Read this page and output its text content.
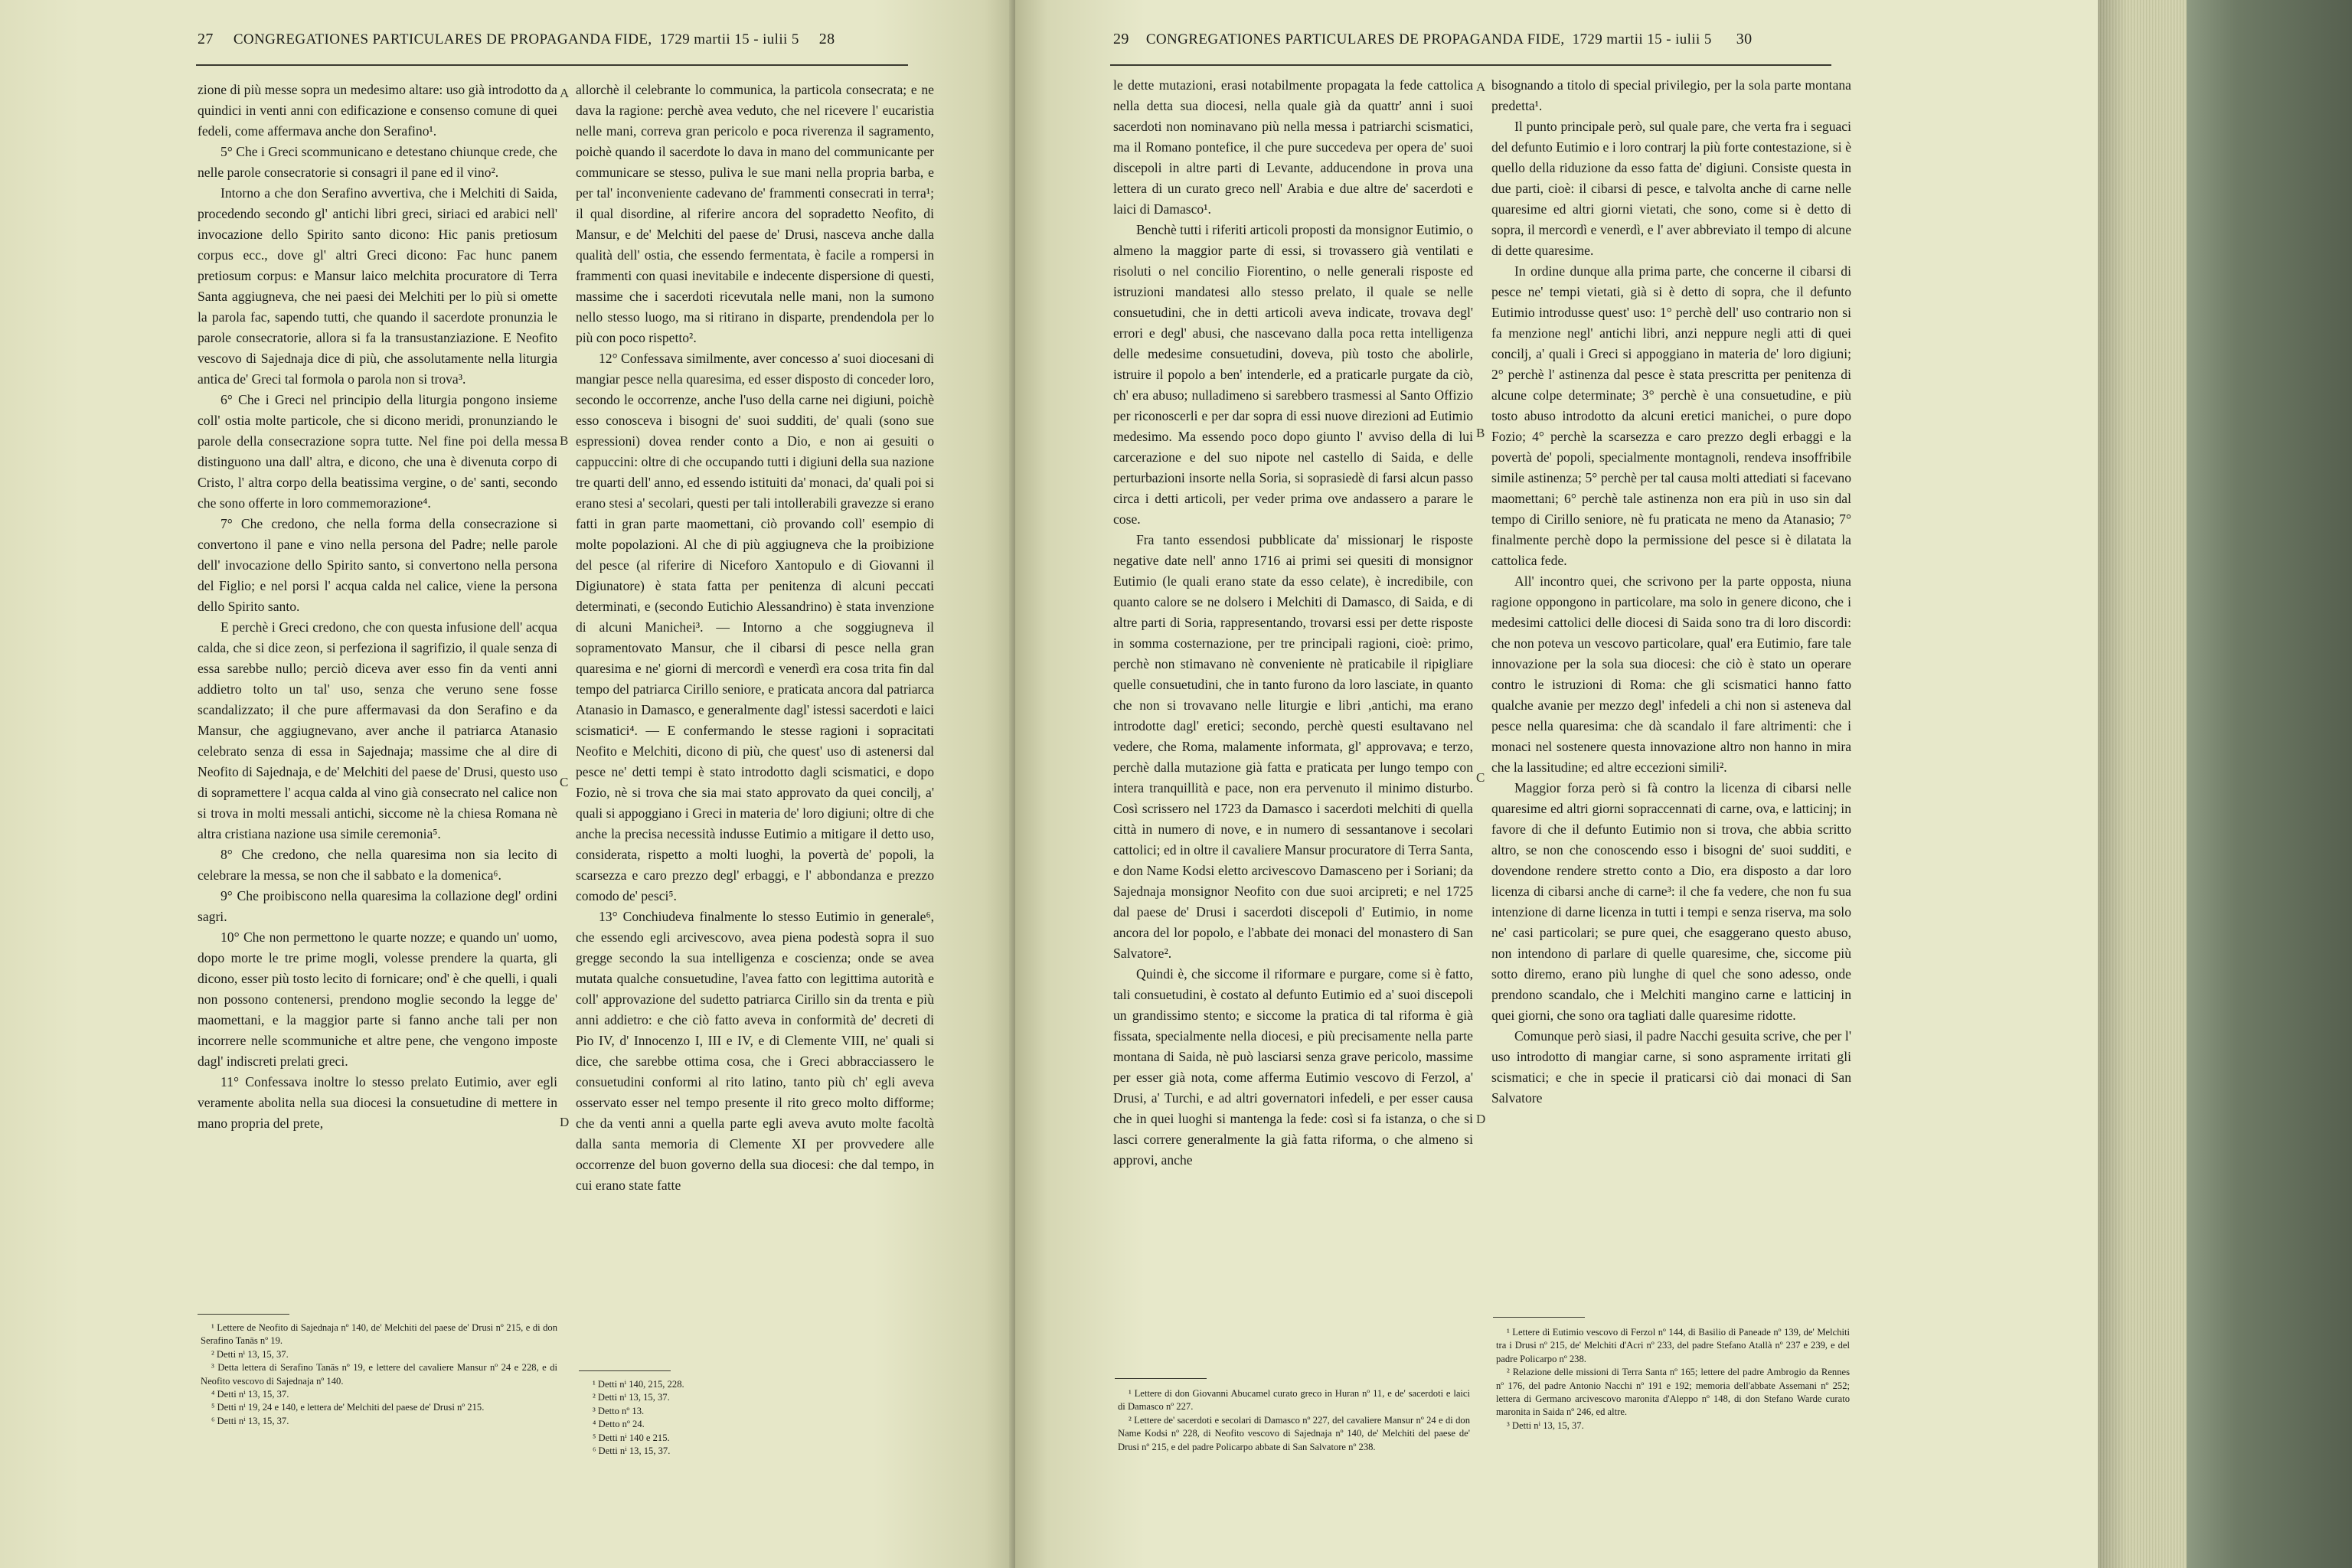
27 CONGREGATIONES PARTICULARES DE PROPAGANDA FIDE, 1729 martii 15 - iulii 5 28

zione di più messe sopra un medesimo altare: uso già introdotto da quindici in venti anni con edificazione e consenso comune di quei fedeli, come affermava anche don Serafino¹.

5° Che i Greci scommunicano e detestano chiunque crede, che nelle parole consecratorie si consagri il pane ed il vino².

Intorno a che don Serafino avvertiva, che i Melchiti di Saida, procedendo secondo gl' antichi libri greci, siriaci ed arabici nell' invocazione dello Spirito santo dicono: Hic panis pretiosum corpus ecc., dove gl' altri Greci dicono: Fac hunc panem pretiosum corpus: e Mansur laico melchita procuratore di Terra Santa aggiugneva, che nei paesi dei Melchiti per lo più si omette la parola fac, sapendo tutti, che quando il sacerdote pronunzia le parole consecratorie, allora si fa la transustanziazione. E Neofito vescovo di Sajednaja dice di più, che assolutamente nella liturgia antica de' Greci tal formola o parola non si trova³.

6° Che i Greci nel principio della liturgia pongono insieme coll' ostia molte particole, che si dicono meridi, pronunziando le parole della consecrazione sopra tutte. Nel fine poi della messa distinguono una dall' altra, e dicono, che una è divenuta corpo di Cristo, l' altra corpo della beatissima vergine, o de' santi, secondo che sono offerte in loro commemorazione⁴.

7° Che credono, che nella forma della consecrazione si convertono il pane e vino nella persona del Padre; nelle parole dell' invocazione dello Spirito santo, si convertono nella persona del Figlio; e nel porsi l' acqua calda nel calice, viene la persona dello Spirito santo.

E perchè i Greci credono, che con questa infusione dell' acqua calda, che si dice zeon, si perfeziona il sagrifizio, il quale senza di essa sarebbe nullo; perciò diceva aver esso fin da venti anni addietro tolto un tal' uso, senza che veruno sene fosse scandalizzato; il che pure affermavasi da don Serafino e da Mansur, che aggiugnevano, aver anche il patriarca Atanasio celebrato senza di essa in Sajednaja; massime che al dire di Neofito di Sajednaja, e de' Melchiti del paese de' Drusi, questo uso di sopramettere l' acqua calda al vino già consecrato nel calice non si trova in molti messali antichi, siccome nè la chiesa Romana nè altra cristiana nazione usa simile ceremonia⁵.

8° Che credono, che nella quaresima non sia lecito di celebrare la messa, se non che il sabbato e la domenica⁶.

9° Che proibiscono nella quaresima la collazione degl' ordini sagri.

10° Che non permettono le quarte nozze; e quando un' uomo, dopo morte le tre prime mogli, volesse prendere la quarta, gli dicono, esser più tosto lecito di fornicare; ond' è che quelli, i quali non possono contenersi, prendono moglie secondo la legge de' maomettani, e la maggior parte si fanno anche tali per non incorrere nelle scommuniche et altre pene, che vengono imposte dagl' indiscreti prelati greci.

11° Confessava inoltre lo stesso prelato Eutimio, aver egli veramente abolita nella sua diocesi la consuetudine di mettere in mano propria del prete,

allorchè il celebrante lo communica, la particola consecrata; e ne dava la ragione: perchè avea veduto, che nel ricevere l' eucaristia nelle mani, correva gran pericolo e poca riverenza il sagramento, poichè quando il sacerdote lo dava in mano del communicante per communicare se stesso, puliva le sue mani nella propria barba, e per tal' inconveniente cadevano de' frammenti consecrati in terra¹; il qual disordine, al riferire ancora del sopradetto Neofito, di Mansur, e de' Melchiti del paese de' Drusi, nasceva anche dalla qualità dell' ostia, che essendo fermentata, è facile a rompersi in frammenti con quasi inevitabile e indecente dispersione di questi, massime che i sacerdoti ricevutala nelle mani, non la sumono nello stesso luogo, ma si ritirano in disparte, prendendola per lo più con poco rispetto².

12° Confessava similmente, aver concesso a' suoi diocesani di mangiar pesce nella quaresima, ed esser disposto di conceder loro, secondo le occorrenze, anche l'uso della carne nei digiuni, poichè esso conosceva i bisogni de' suoi sudditi, de' quali (sono sue espressioni) dovea render conto a Dio, e non ai gesuiti o cappuccini: oltre di che occupando tutti i digiuni della sua nazione tre quarti dell' anno, ed essendo istituiti da' monaci, da' quali poi si erano stesi a' secolari, questi per tali intollerabili gravezze si erano fatti in gran parte maomettani, ciò provando coll' esempio di molte popolazioni. Al che di più aggiugneva che la proibizione del pesce (al riferire di Niceforo Xantopulo e di Giovanni il Digiunatore) è stata fatta per penitenza di alcuni peccati determinati, e (secondo Eutichio Alessandrino) è stata invenzione di alcuni Manichei³. — Intorno a che soggiugneva il sopramentovato Mansur, che il cibarsi di pesce nella gran quaresima e ne' giorni di mercordì e venerdì era cosa trita fin dal tempo del patriarca Cirillo seniore, e praticata ancora dal patriarca Atanasio in Damasco, e generalmente dagl' istessi sacerdoti e laici scismatici⁴. — E confermando le stesse ragioni i sopracitati Neofito e Melchiti, dicono di più, che quest' uso di astenersi dal pesce ne' detti tempi è stato introdotto dagli scismatici, e dopo Fozio, nè si trova che sia mai stato approvato da quei concilj, a' quali si appoggiano i Greci in materia de' loro digiuni; oltre di che anche la precisa necessità indusse Eutimio a mitigare il detto uso, considerata, rispetto a molti luoghi, la povertà de' popoli, la scarsezza e caro prezzo degl' erbaggi, e l' abbondanza e prezzo comodo de' pesci⁵.

13° Conchiudeva finalmente lo stesso Eutimio in generale⁶, che essendo egli arcivescovo, avea piena podestà sopra il suo gregge secondo la sua intelligenza e coscienza; onde se avea mutata qualche consuetudine, l'avea fatto con legittima autorità e coll' approvazione del sudetto patriarca Cirillo sin da trenta e più anni addietro: e che ciò fatto aveva in conformità de' decreti di Pio IV, d' Innocenzo I, III e IV, e di Clemente VIII, ne' quali si dice, che sarebbe ottima cosa, che i Greci abbracciassero le consuetudini conformi al rito latino, tanto più ch' egli aveva osservato esser nel tempo presente il rito greco molto difforme; che da venti anni a quella parte egli aveva avuto molte facoltà dalla santa memoria di Clemente XI per provvedere alle occorrenze del buon governo della sua diocesi: che dal tempo, in cui erano state fatte

¹ Lettere de Neofito di Sajednaja nº 140, de' Melchiti del paese de' Drusi nº 215, e di don Serafino Tanās nº 19.
² Detti nⁱ 13, 15, 37.
³ Detta lettera di Serafino Tanās nº 19, e lettere del cavaliere Mansur nº 24 e 228, e di Neofito vescovo di Sajednaja nº 140.
⁴ Detti nⁱ 13, 15, 37.
⁵ Detti nⁱ 19, 24 e 140, e lettera de' Melchiti del paese de' Drusi nº 215.
⁶ Detti nⁱ 13, 15, 37.
¹ Detti nⁱ 140, 215, 228.
² Detti nⁱ 13, 15, 37.
³ Detto nº 13.
⁴ Detto nº 24.
⁵ Detti nⁱ 140 e 215.
⁶ Detti nⁱ 13, 15, 37.
A
B
C
D
29 CONGREGATIONES PARTICULARES DE PROPAGANDA FIDE, 1729 martii 15 - iulii 5 30

le dette mutazioni, erasi notabilmente propagata la fede cattolica nella detta sua diocesi, nella quale già da quattr' anni i suoi sacerdoti non nominavano più nella messa i patriarchi scismatici, ma il Romano pontefice, il che pure succedeva per opera de' suoi discepoli in altre parti di Levante, adducendone in prova una lettera di un curato greco nell' Arabia e due altre de' sacerdoti e laici di Damasco¹.

Benchè tutti i riferiti articoli proposti da monsignor Eutimio, o almeno la maggior parte di essi, si trovassero già ventilati e risoluti o nel concilio Fiorentino, o nelle generali risposte ed istruzioni mandatesi allo stesso prelato, il quale se nelle consuetudini, che in detti articoli aveva indicate, trovava degl' errori e degl' abusi, che nascevano dalla poca retta intelligenza delle medesime consuetudini, doveva, più tosto che abolirle, istruire il popolo a ben' intenderle, ed a praticarle purgate da ciò, ch' era abuso; nulladimeno si sarebbero trasmessi al Santo Offizio per riconoscerli e per dar sopra di essi nuove direzioni ad Eutimio medesimo. Ma essendo poco dopo giunto l' avviso della di lui carcerazione e del suo nipote nel castello di Saida, e delle perturbazioni insorte nella Soria, si soprasiedè di farsi alcun passo circa i detti articoli, per veder prima ove andassero a parare le cose.

Fra tanto essendosi pubblicate da' missionarj le risposte negative date nell' anno 1716 ai primi sei quesiti di monsignor Eutimio (le quali erano state da esso celate), è incredibile, con quanto calore se ne dolsero i Melchiti di Damasco, di Saida, e di altre parti di Soria, rappresentando, trovarsi essi per dette risposte in somma costernazione, per tre principali ragioni, cioè: primo, perchè non stimavano nè conveniente nè praticabile il ripigliare quelle consuetudini, che in tanto furono da loro lasciate, in quanto che non si trovavano nelle liturgie e libri ,antichi, ma erano introdotte dagl' eretici; secondo, perchè questi esultavano nel vedere, che Roma, malamente informata, gl' approvava; e terzo, perchè dalla mutazione già fatta e praticata per lungo tempo con intera tranquillità e pace, non era pervenuto il minimo disturbo. Così scrissero nel 1723 da Damasco i sacerdoti melchiti di quella città in numero di nove, e in numero di sessantanove i secolari cattolici; ed in oltre il cavaliere Mansur procuratore di Terra Santa, e don Name Kodsi eletto arcivescovo Damasceno per i Soriani; da Sajednaja monsignor Neofito con due suoi arcipreti; e nel 1725 dal paese de' Drusi i sacerdoti discepoli d' Eutimio, in nome ancora del lor popolo, e l'abbate dei monaci del monastero di San Salvatore².

Quindi è, che siccome il riformare e purgare, come si è fatto, tali consuetudini, è costato al defunto Eutimio ed a' suoi discepoli un grandissimo stento; e siccome la pratica di tal riforma è già fissata, specialmente nella diocesi, e più precisamente nella parte montana di Saida, nè può lasciarsi senza grave pericolo, massime per esser già nota, come afferma Eutimio vescovo di Ferzol, a' Drusi, a' Turchi, e ad altri governatori infedeli, e per esser causa che in quei luoghi si mantenga la fede: così si fa istanza, o che si lasci correre generalmente la già fatta riforma, o che almeno si approvi, anche

bisognando a titolo di special privilegio, per la sola parte montana predetta¹.

Il punto principale però, sul quale pare, che verta fra i seguaci del defunto Eutimio e i loro contrarj la più forte contestazione, si è quello della riduzione da esso fatta de' digiuni. Consiste questa in due parti, cioè: il cibarsi di pesce, e talvolta anche di carne nelle quaresime ed altri giorni vietati, che sono, come si è detto di sopra, il mercordì e venerdì, e l' aver abbreviato il tempo di alcune di dette quaresime.

In ordine dunque alla prima parte, che concerne il cibarsi di pesce ne' tempi vietati, già si è detto di sopra, che il defunto Eutimio introdusse quest' uso: 1° perchè dell' uso contrario non si fa menzione negl' antichi libri, anzi neppure negli atti di quei concilj, a' quali i Greci si appoggiano in materia de' loro digiuni; 2° perchè l' astinenza dal pesce è stata prescritta per penitenza di alcune colpe determinate; 3° perchè è una consuetudine, e più tosto abuso introdotto da alcuni eretici manichei, o pure dopo Fozio; 4° perchè la scarsezza e caro prezzo degli erbaggi e la povertà de' popoli, specialmente montagnoli, rendeva insoffribile simile astinenza; 5° perchè per tal causa molti attediati si facevano maomettani; 6° perchè tale astinenza non era più in uso sin dal tempo di Cirillo seniore, nè fu praticata ne meno da Atanasio; 7° finalmente perchè dopo la permissione del pesce si è dilatata la cattolica fede.

All' incontro quei, che scrivono per la parte opposta, niuna ragione oppongono in particolare, ma solo in genere dicono, che i medesimi cattolici delle diocesi di Saida sono tra di loro discordi: che non poteva un vescovo particolare, qual' era Eutimio, fare tale innovazione per la sola sua diocesi: che ciò è stato un operare contro le istruzioni di Roma: che gli scismatici hanno fatto qualche avanie per mezzo degl' infedeli a chi non si asteneva dal pesce nella quaresima: che dà scandalo il fare altrimenti: che i monaci nel sostenere questa innovazione altro non hanno in mira che la lassitudine; ed altre eccezioni simili².

Maggior forza però si fà contro la licenza di cibarsi nelle quaresime ed altri giorni sopraccennati di carne, ova, e latticinj; in favore di che il defunto Eutimio non si trova, che abbia scritto altro, se non che conoscendo esso i bisogni de' suoi sudditi, e dovendone rendere stretto conto a Dio, era disposto a dar loro licenza di cibarsi anche di carne³: il che fa vedere, che non fu sua intenzione di darne licenza in tutti i tempi e senza riserva, ma solo ne' casi particolari; se pure quei, che esaggerano questo abuso, non intendono di parlare di quelle quaresime, che, siccome più sotto diremo, erano più lunghe di quel che sono adesso, onde prendono scandalo, che i Melchiti mangino carne e latticinj in quei giorni, che sono ora tagliati dalle quaresime ridotte.

Comunque però siasi, il padre Nacchi gesuita scrive, che per l' uso introdotto di mangiar carne, si sono aspramente irritati gli scismatici; e che in specie il praticarsi ciò dai monaci di San Salvatore

¹ Lettere di don Giovanni Abucamel curato greco in Huran nº 11, e de' sacerdoti e laici di Damasco nº 227.
² Lettere de' sacerdoti e secolari di Damasco nº 227, del cavaliere Mansur nº 24 e di don Name Kodsi nº 228, di Neofito vescovo di Sajednaja nº 140, de' Melchiti del paese de' Drusi nº 215, e del padre Policarpo abbate di San Salvatore nº 238.
¹ Lettere di Eutimio vescovo di Ferzol nº 144, di Basilio di Paneade nº 139, de' Melchiti tra i Drusi nº 215, de' Melchiti d'Acri nº 233, del padre Stefano Atallà nº 237 e 239, e del padre Policarpo nº 238.
² Relazione delle missioni di Terra Santa nº 165; lettere del padre Ambrogio da Rennes nº 176, del padre Antonio Nacchi nº 191 e 192; memoria dell'abbate Assemani nº 252; lettera di Germano arcivescovo maronita d'Aleppo nº 148, di don Stefano Warde curato maronita in Saida nº 246, ed altre.
³ Detti nⁱ 13, 15, 37.
A
B
C
D
